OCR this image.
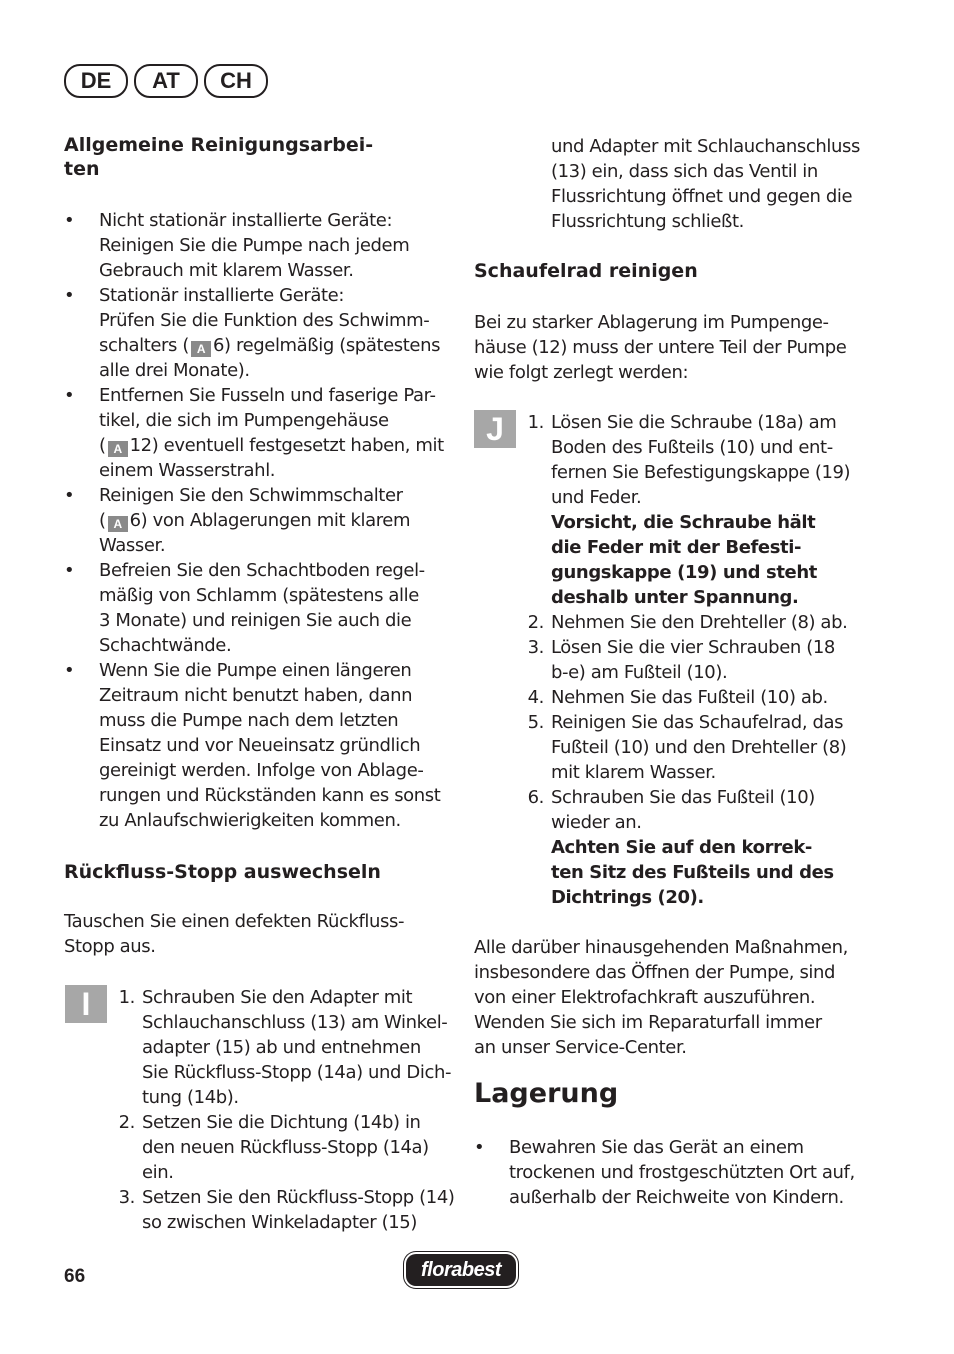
DE	AT	CH
Allgemeine Reinigungsarbei-
ten
• Nicht stationär installierte Geräte:
Reinigen Sie die Pumpe nach jedem
Gebrauch mit klarem Wasser.
• Stationär installierte Geräte:
Prüfen Sie die Funktion des Schwimm-
schalters ( A 6) regelmäßig (spätestens
alle drei Monate).
• Entfernen Sie Fusseln und faserige Par-
tikel, die sich im Pumpengehäuse
( A 12) eventuell festgesetzt haben, mit
einem Wasserstrahl.
• Reinigen Sie den Schwimmschalter
( A 6) von Ablagerungen mit klarem
Wasser.
• Befreien Sie den Schachtboden regel-
mäßig von Schlamm (spätestens alle
3 Monate) und reinigen Sie auch die
Schachtwände.
• Wenn Sie die Pumpe einen längeren
Zeitraum nicht benutzt haben, dann
muss die Pumpe nach dem letzten
Einsatz und vor Neueinsatz gründlich
gereinigt werden. Infolge von Ablage-
rungen und Rückständen kann es sonst
zu Anlaufschwierigkeiten kommen.
Rückfluss-Stopp auswechseln
Tauschen Sie einen defekten Rückfluss-
Stopp aus.
I	1. Schrauben Sie den Adapter mit
Schlauchanschluss (13) am Winkel-
adapter (15) ab und entnehmen
Sie Rückfluss-Stopp (14a) und Dich-
tung (14b).
2. Setzen Sie die Dichtung (14b) in
den neuen Rückfluss-Stopp (14a)
ein.
3. Setzen Sie den Rückfluss-Stopp (14)
so zwischen Winkeladapter (15)
und Adapter mit Schlauchanschluss
(13) ein, dass sich das Ventil in
Flussrichtung öffnet und gegen die
Flussrichtung schließt.
Schaufelrad reinigen
Bei zu starker Ablagerung im Pumpenge-
häuse (12) muss der untere Teil der Pumpe
wie folgt zerlegt werden:
J	1. Lösen Sie die Schraube (18a) am
Boden des Fußteils (10) und ent-
fernen Sie Befestigungskappe (19)
und Feder.
Vorsicht, die Schraube hält
die Feder mit der Befesti-
gungskappe (19) und steht
deshalb unter Spannung.
2. Nehmen Sie den Drehteller (8) ab.
3. Lösen Sie die vier Schrauben (18
b-e) am Fußteil (10).
4. Nehmen Sie das Fußteil (10) ab.
5. Reinigen Sie das Schaufelrad, das
Fußteil (10) und den Drehteller (8)
mit klarem Wasser.
6. Schrauben Sie das Fußteil (10)
wieder an.
Achten Sie auf den korrek-
ten Sitz des Fußteils und des
Dichtrings (20).
Alle darüber hinausgehenden Maßnahmen,
insbesondere das Öffnen der Pumpe, sind
von einer Elektrofachkraft auszuführen.
Wenden Sie sich im Reparaturfall immer
an unser Service-Center.
Lagerung
• Bewahren Sie das Gerät an einem
trockenen und frostgeschützten Ort auf,
außerhalb der Reichweite von Kindern.
66	florabest
